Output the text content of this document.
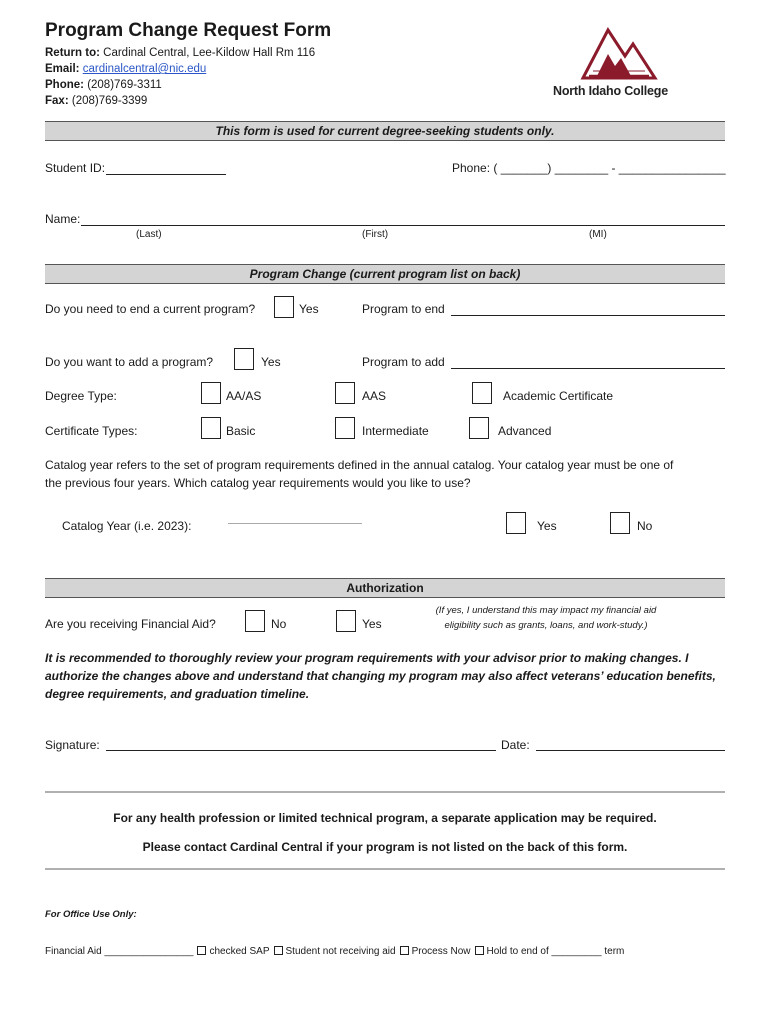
Program Change Request Form
Return to: Cardinal Central, Lee-Kildow Hall Rm 116
Email: cardinalcentral@nic.edu
Phone: (208)769-3311
Fax: (208)769-3399
North Idaho College
This form is used for current degree-seeking students only.
Student ID:	Phone: ( _______) ________ - ________________
Name:
(Last)	(First)	(MI)
Program Change (current program list on back)
Do you need to end a current program?	Yes	Program to end
Do you want to add a program?	Yes	Program to add
Degree Type:	AA/AS	AAS	Academic Certificate
Certificate Types:	Basic	Intermediate	Advanced
Catalog year refers to the set of program requirements defined in the annual catalog. Your catalog year must be one of
the previous four years. Which catalog year requirements would you like to use?
Catalog Year (i.e. 2023):	Yes	No
Authorization
Are you receiving Financial Aid?	No	Yes
(If yes, I understand this may impact my financial aid
eligibility such as grants, loans, and work-study.)
It is recommended to thoroughly review your program requirements with your advisor prior to making changes. I
authorize the changes above and understand that changing my program may also affect veterans’ education benefits,
degree requirements, and graduation timeline.
Signature:	Date:
For any health profession or limited technical program, a separate application may be required.
Please contact Cardinal Central if your program is not listed on the back of this form.
For Office Use Only:
Financial Aid ________________ checked SAP Student not receiving aid Process Now Hold to end of _________ term
